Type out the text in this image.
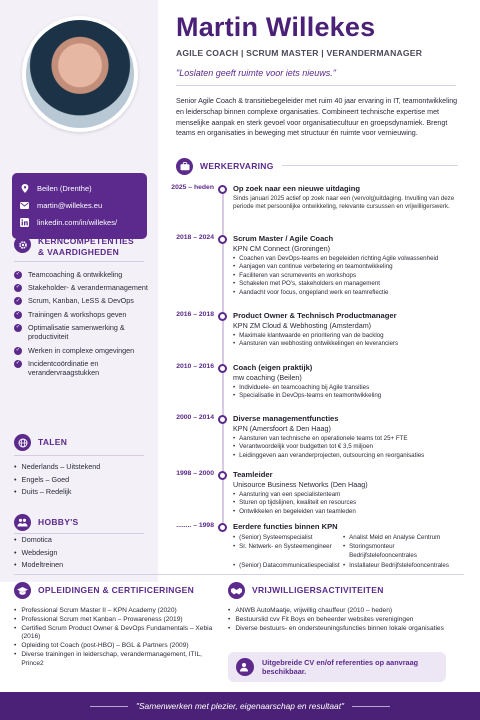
Beilen (Drenthe)
martin@willekes.eu
linkedin.com/in/willekes/
KERNCOMPETENTIES
& VAARDIGHEDEN
✓ Teamcoaching & ontwikkeling
✓ Stakeholder- & verandermanagement
✓ Scrum, Kanban, LeSS & DevOps
✓ Trainingen & workshops geven
✓ Optimalisatie samenwerking & productiviteit
✓ Werken in complexe omgevingen
✓ Incidentcoördinatie en verandervraagstukken
TALEN
• Nederlands – Uitstekend
• Engels – Goed
• Duits – Redelijk
HOBBY'S
• Domotica
• Webdesign
• Modeltreinen
Martin Willekes
AGILE COACH | SCRUM MASTER | VERANDERMANAGER
"Loslaten geeft ruimte voor iets nieuws."
Senior Agile Coach & transitiebegeleider met ruim 40 jaar ervaring in IT, teamontwikkeling en leiderschap binnen complexe organisaties. Combineert technische expertise met menselijke aanpak en sterk gevoel voor organisatiecultuur en groepsdynamiek. Brengt teams en organisaties in beweging met structuur én ruimte voor vernieuwing.
WERKERVARING
2025 – heden	Op zoek naar een nieuwe uitdaging
Sinds januari 2025 actief op zoek naar een (vervolg)uitdaging. Invulling van deze periode met persoonlijke ontwikkeling, relevante cursussen en vrijwilligerswerk.
2018 – 2024	Scrum Master / Agile Coach
KPN CM Connect (Groningen)
• Coachen van DevOps-teams en begeleiden richting Agile volwassenheid
• Aanjagen van continue verbetering en teamontwikkeling
• Faciliteren van scrumevents en workshops
• Schakelen met PO's, stakeholders en management
• Aandacht voor focus, ongepland werk en teamreflectie
2016 – 2018	Product Owner & Technisch Productmanager
KPN ZM Cloud & Webhosting (Amsterdam)
• Maximale klantwaarde en prioritering van de backlog
• Aansturen van webhosting ontwikkelingen en leveranciers
2010 – 2016	Coach (eigen praktijk)
mw coaching (Beilen)
• Individuele- en teamcoaching bij Agile transities
• Specialisatie in DevOps-teams en teamontwikkeling
2000 – 2014	Diverse managementfuncties
KPN (Amersfoort & Den Haag)
• Aansturen van technische en operationele teams tot 25+ FTE
• Verantwoordelijk voor budgetten tot € 3,5 miljoen
• Leidinggeven aan veranderprojecten, outsourcing en reorganisaties
1998 – 2000	Teamleider
Unisource Business Networks (Den Haag)
• Aansturing van een specialistenteam
• Sturen op tijdslijnen, kwaliteit en resources
• Ontwikkelen en begeleiden van teamleden
........ – 1998	Eerdere functies binnen KPN
• (Senior) Systeemspecialist	• Analist Meld en Analyse Centrum
• Sr. Netwerk- en Systeemengineer	• Storingsmonteur Bedrijfstelefooncentrales
• (Senior) Datacommunicatiespecialist	• Installateur Bedrijfstelefooncentrales
OPLEIDINGEN & CERTIFICERINGEN
• Professional Scrum Master II – KPN Academy (2020)
• Professional Scrum met Kanban – Prowareness (2019)
• Certified Scrum Product Owner & DevOps Fundamentals – Xebia (2016)
• Opleiding tot Coach (post-HBO) – BGL & Partners (2009)
• Diverse trainingen in leiderschap, verandermanagement, ITIL, Prince2
VRIJWILLIGERSACTIVITEITEN
• ANWB AutoMaatje, vrijwillig chauffeur (2010 – heden)
• Bestuurslid cvv Fit Boys en beheerder websites verenigingen
• Diverse bestuurs- en ondersteuningsfuncties binnen lokale organisaties
Uitgebreide CV en/of referenties op aanvraag beschikbaar.
"Samenwerken met plezier, eigenaarschap en resultaat"
